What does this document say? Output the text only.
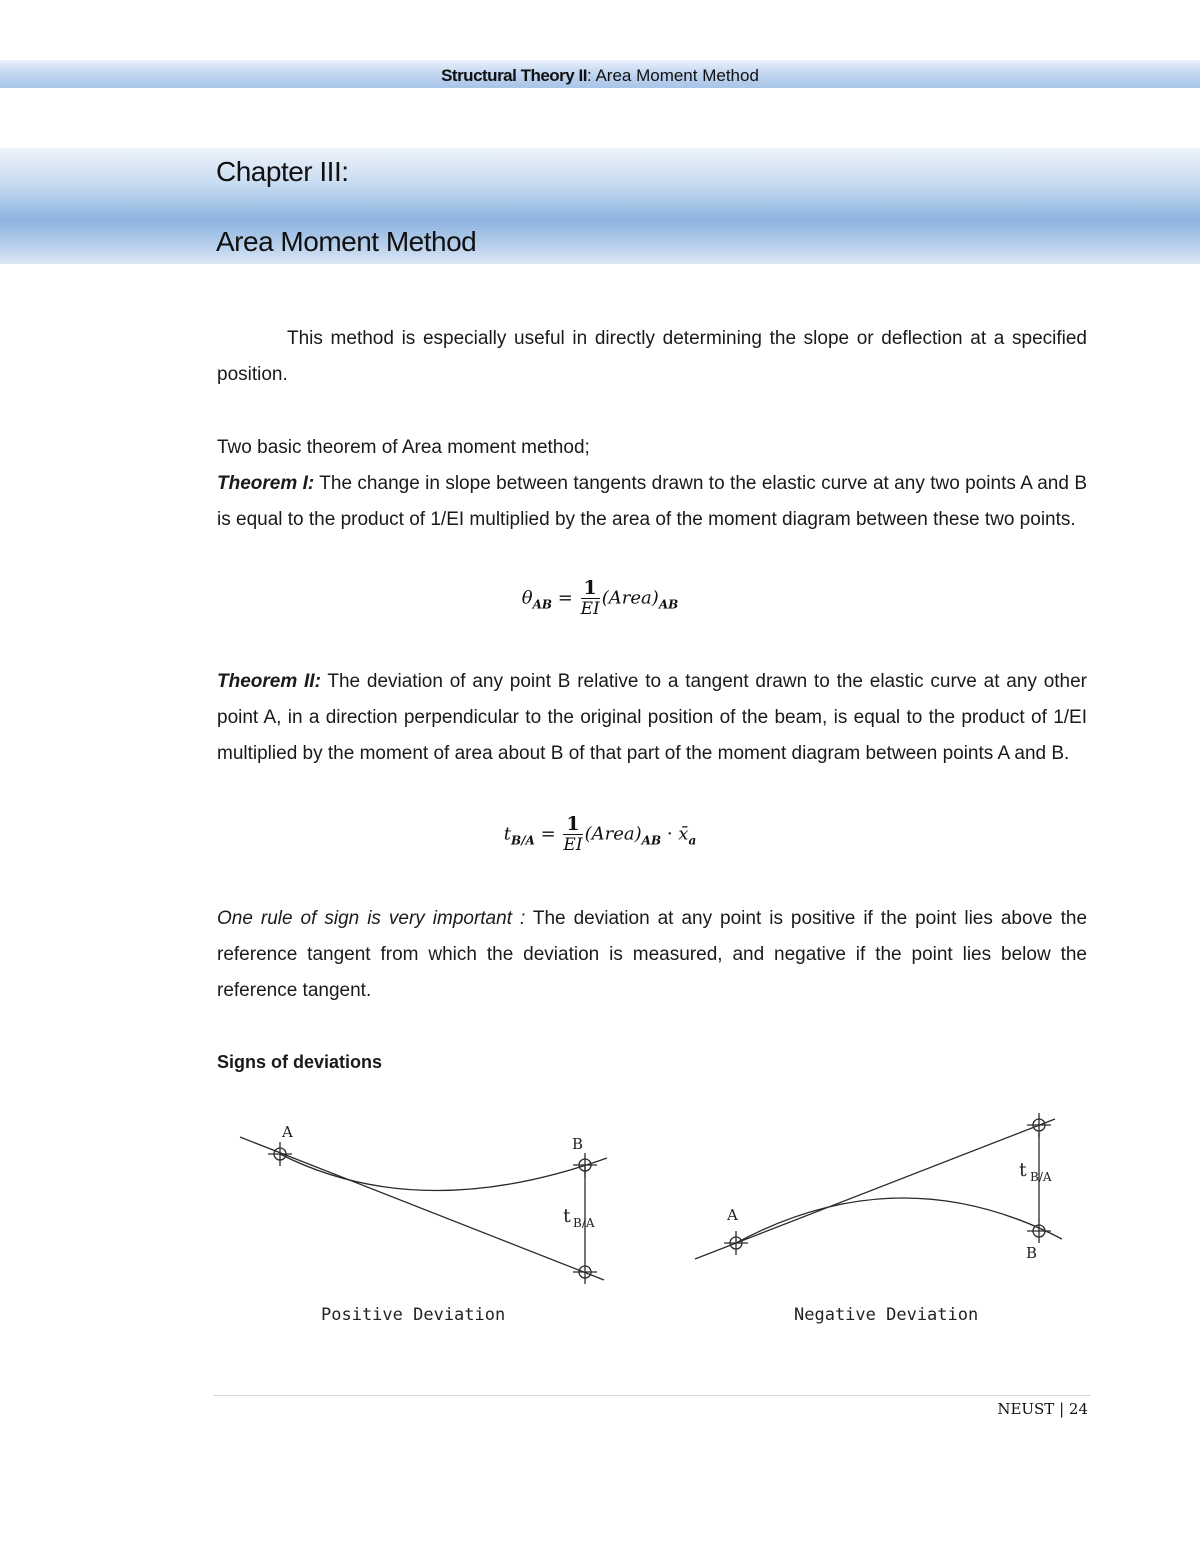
Structural Theory II: Area Moment Method
Chapter III:
Area Moment Method
This method is especially useful in directly determining the slope or deflection at a specified position.
Two basic theorem of Area moment method;
Theorem I: The change in slope between tangents drawn to the elastic curve at any two points A and B is equal to the product of 1/EI multiplied by the area of the moment diagram between these two points.
$\theta_{AB} = \frac{1}{EI}$ $(Area)_{AB}$
Theorem II: The deviation of any point B relative to a tangent drawn to the elastic curve at any other point A, in a direction perpendicular to the original position of the beam, is equal to the product of 1/EI multiplied by the moment of area about B of that part of the moment diagram between points A and B.
$t_{B/A} = \frac{1}{EI}$ $(Area)_{AB}$ · $x̄_a$
One rule of sign is very important : The deviation at any point is positive if the point lies above the reference tangent from which the deviation is measured, and negative if the point lies below the reference tangent.
Signs of deviations
A
B
t B/A	A
B
t B/A
Positive Deviation	Negative Deviation
NEUST | 24
